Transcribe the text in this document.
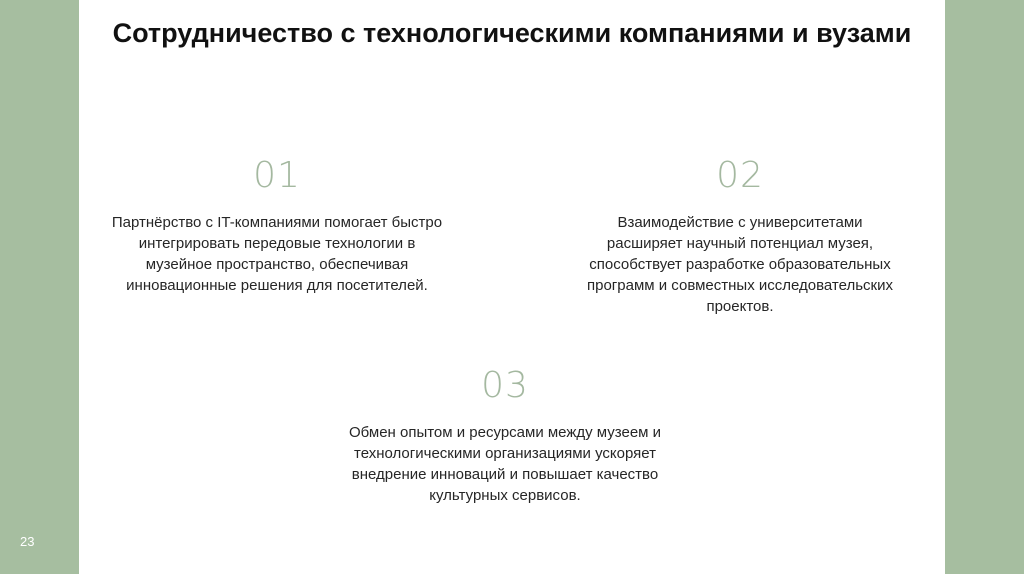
Сотрудничество с технологическими компаниями и вузами
01
Партнёрство с IT-компаниями помогает быстро интегрировать передовые технологии в музейное пространство, обеспечивая инновационные решения для посетителей.
02
Взаимодействие с университетами расширяет научный потенциал музея, способствует разработке образовательных программ и совместных исследовательских проектов.
03
Обмен опытом и ресурсами между музеем и технологическими организациями ускоряет внедрение инноваций и повышает качество культурных сервисов.
23
